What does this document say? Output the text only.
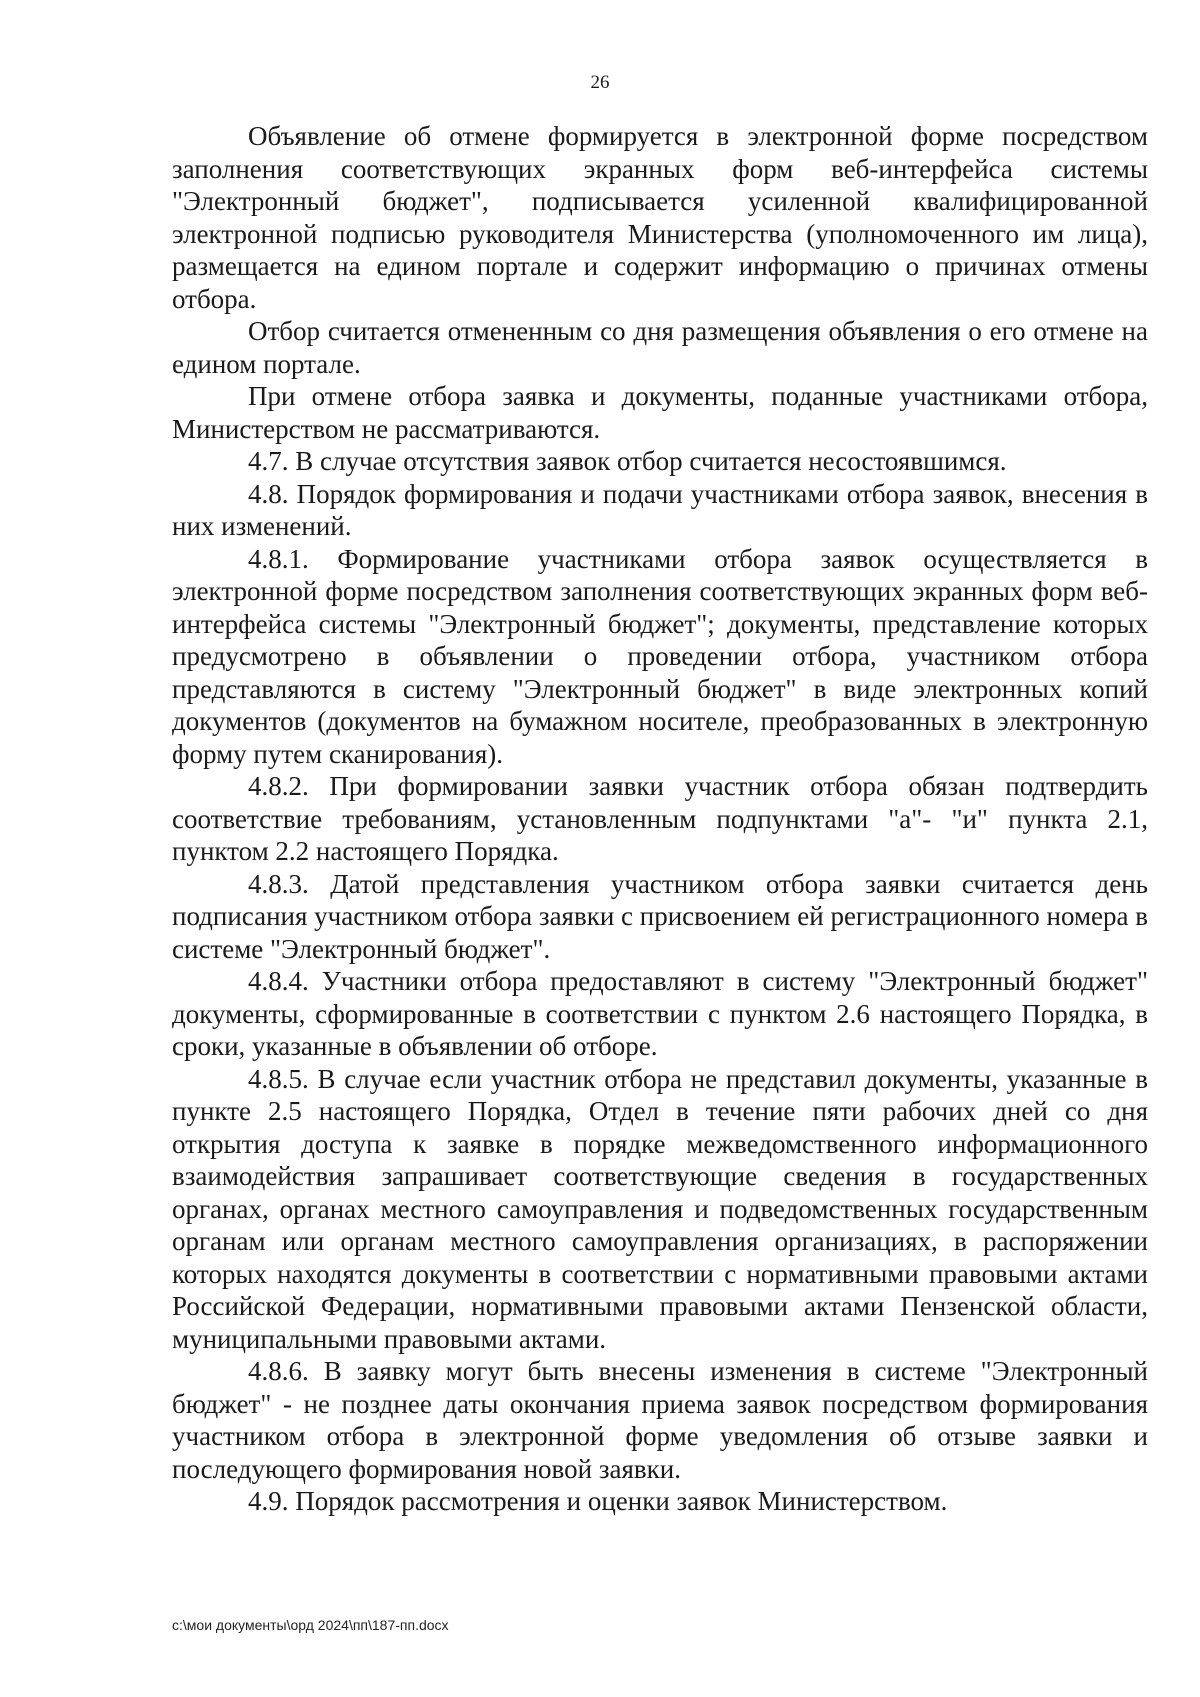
26

Объявление об отмене формируется в электронной форме посредством заполнения соответствующих экранных форм веб-интерфейса системы "Электронный бюджет", подписывается усиленной квалифицированной электронной подписью руководителя Министерства (уполномоченного им лица), размещается на едином портале и содержит информацию о причинах отмены отбора.

Отбор считается отмененным со дня размещения объявления о его отмене на едином портале.

При отмене отбора заявка и документы, поданные участниками отбора, Министерством не рассматриваются.

4.7. В случае отсутствия заявок отбор считается несостоявшимся.

4.8. Порядок формирования и подачи участниками отбора заявок, внесения в них изменений.

4.8.1. Формирование участниками отбора заявок осуществляется в электронной форме посредством заполнения соответствующих экранных форм веб-интерфейса системы "Электронный бюджет"; документы, представление которых предусмотрено в объявлении о проведении отбора, участником отбора представляются в систему "Электронный бюджет" в виде электронных копий документов (документов на бумажном носителе, преобразованных в электронную форму путем сканирования).

4.8.2. При формировании заявки участник отбора обязан подтвердить соответствие требованиям, установленным подпунктами "а"- "и" пункта 2.1, пунктом 2.2 настоящего Порядка.

4.8.3. Датой представления участником отбора заявки считается день подписания участником отбора заявки с присвоением ей регистрационного номера в системе "Электронный бюджет".

4.8.4. Участники отбора предоставляют в систему "Электронный бюджет" документы, сформированные в соответствии с пунктом 2.6 настоящего Порядка, в сроки, указанные в объявлении об отборе.

4.8.5. В случае если участник отбора не представил документы, указанные в пункте 2.5 настоящего Порядка, Отдел в течение пяти рабочих дней со дня открытия доступа к заявке в порядке межведомственного информационного взаимодействия запрашивает соответствующие сведения в государственных органах, органах местного самоуправления и подведомственных государственным органам или органам местного самоуправления организациях, в распоряжении которых находятся документы в соответствии с нормативными правовыми актами Российской Федерации, нормативными правовыми актами Пензенской области, муниципальными правовыми актами.

4.8.6. В заявку могут быть внесены изменения в системе "Электронный бюджет" - не позднее даты окончания приема заявок посредством формирования участником отбора в электронной форме уведомления об отзыве заявки и последующего формирования новой заявки.

4.9. Порядок рассмотрения и оценки заявок Министерством.

c:\мои документы\орд 2024\пп\187-пп.docx
